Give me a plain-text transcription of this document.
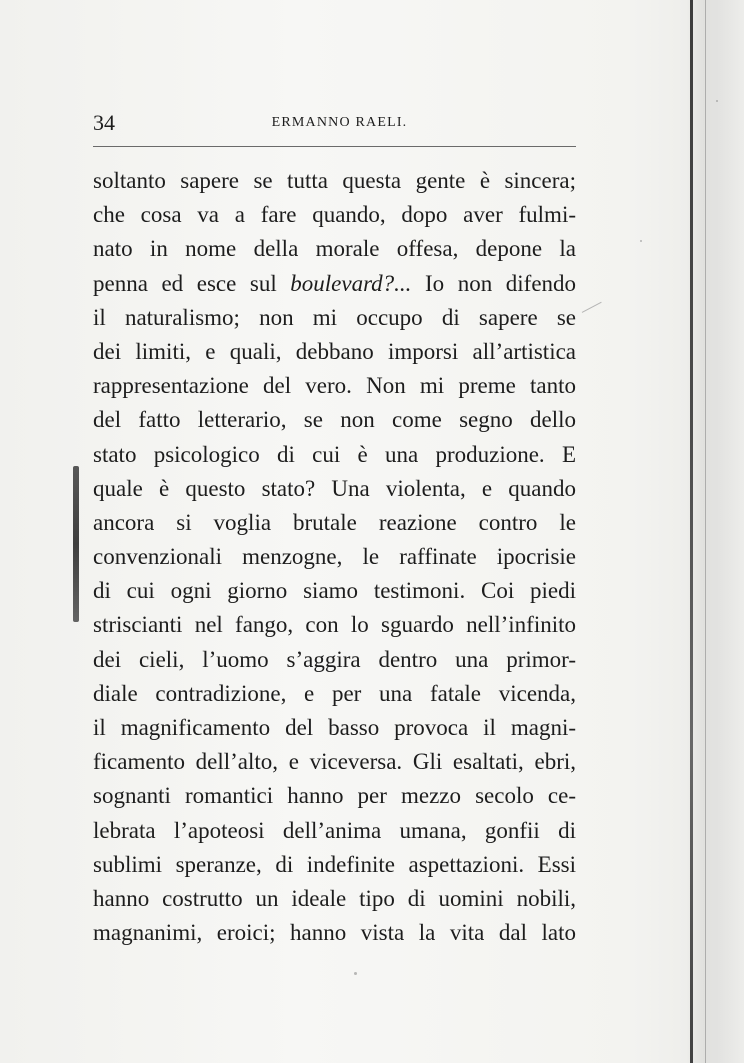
34	ERMANNO RAELI.
soltanto sapere se tutta questa gente è sincera;
che cosa va a fare quando, dopo aver fulmi-
nato in nome della morale offesa, depone la
penna ed esce sul boulevard?... Io non difendo
il naturalismo; non mi occupo di sapere se
dei limiti, e quali, debbano imporsi all’artistica
rappresentazione del vero. Non mi preme tanto
del fatto letterario, se non come segno dello
stato psicologico di cui è una produzione. E
quale è questo stato? Una violenta, e quando
ancora si voglia brutale reazione contro le
convenzionali menzogne, le raffinate ipocrisie
di cui ogni giorno siamo testimoni. Coi piedi
striscianti nel fango, con lo sguardo nell’infinito
dei cieli, l’uomo s’aggira dentro una primor-
diale contradizione, e per una fatale vicenda,
il magnificamento del basso provoca il magni-
ficamento dell’alto, e viceversa. Gli esaltati, ebri,
sognanti romantici hanno per mezzo secolo ce-
lebrata l’apoteosi dell’anima umana, gonfii di
sublimi speranze, di indefinite aspettazioni. Essi
hanno costrutto un ideale tipo di uomini nobili,
magnanimi, eroici; hanno vista la vita dal lato
